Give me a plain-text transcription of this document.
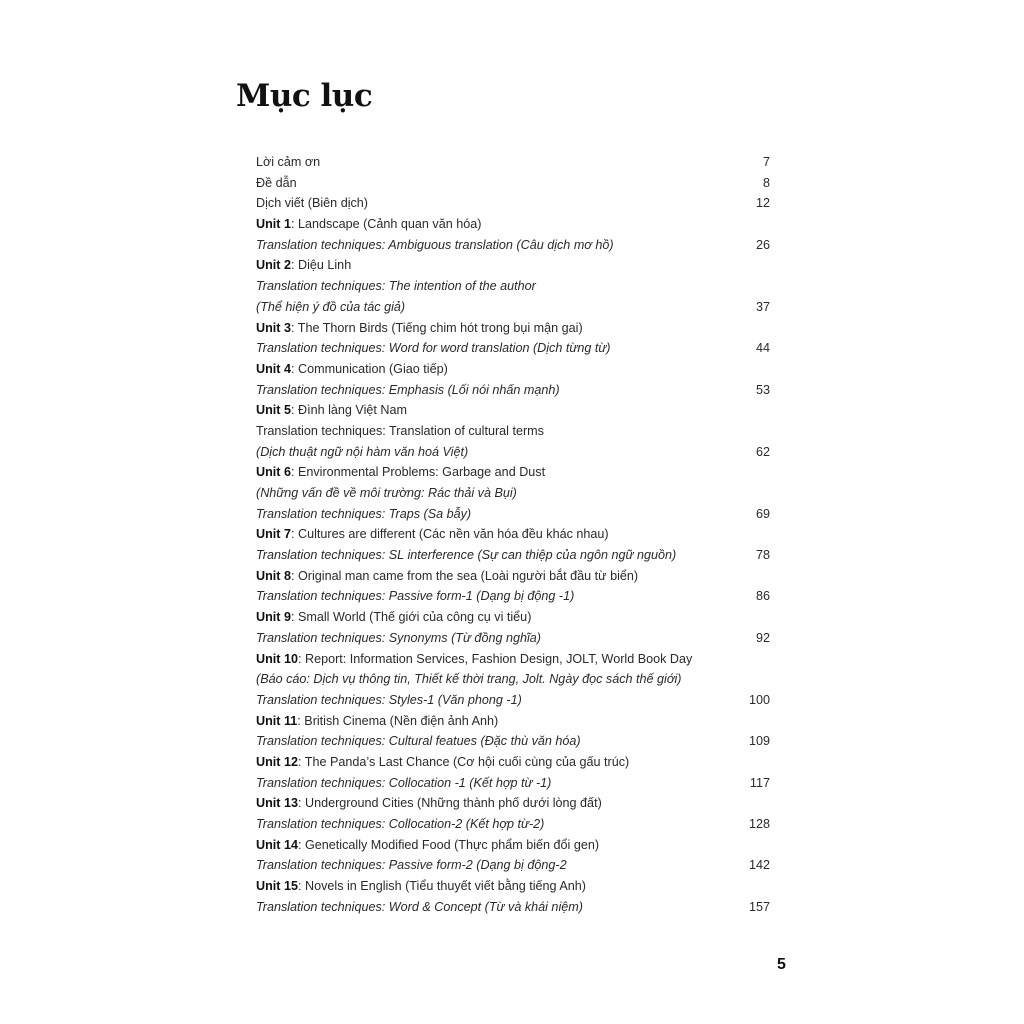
Mục lục
Lời cảm ơn	7
Đề dẫn	8
Dịch viết (Biên dịch)	12
Unit 1: Landscape (Cảnh quan văn hóa)
Translation techniques: Ambiguous translation (Câu dịch mơ hồ)	26
Unit 2: Diệu Linh
Translation techniques: The intention of the author
(Thể hiện ý đồ của tác giả)	37
Unit 3: The Thorn Birds (Tiếng chim hót trong bụi mận gai)
Translation techniques: Word for word translation (Dịch từng từ)	44
Unit 4: Communication (Giao tiếp)
Translation techniques: Emphasis (Lối nói nhấn mạnh)	53
Unit 5: Đình làng Việt Nam
Translation techniques: Translation of cultural terms
(Dịch thuật ngữ nội hàm văn hoá Việt)	62
Unit 6: Environmental Problems: Garbage and Dust
(Những vấn đề về môi trường: Rác thải và Bụi)
Translation techniques: Traps (Sa bẫy)	69
Unit 7: Cultures are different (Các nền văn hóa đều khác nhau)
Translation techniques: SL interference (Sự can thiệp của ngôn ngữ nguồn)	78
Unit 8: Original man came from the sea (Loài người bắt đầu từ biển)
Translation techniques: Passive form-1 (Dạng bị động -1)	86
Unit 9: Small World (Thế giới của công cụ vi tiểu)
Translation techniques: Synonyms (Từ đồng nghĩa)	92
Unit 10: Report: Information Services, Fashion Design, JOLT, World Book Day
(Báo cáo: Dịch vụ thông tin, Thiết kế thời trang, Jolt. Ngày đọc sách thế giới)
Translation techniques: Styles-1 (Văn phong -1)	100
Unit 11: British Cinema (Nền điện ảnh Anh)
Translation techniques: Cultural featues (Đặc thù văn hóa)	109
Unit 12: The Panda’s Last Chance (Cơ hội cuối cùng của gấu trúc)
Translation techniques: Collocation -1 (Kết hợp từ -1)	117
Unit 13: Underground Cities (Những thành phố dưới lòng đất)
Translation techniques: Collocation-2 (Kết hợp từ-2)	128
Unit 14: Genetically Modified Food (Thực phẩm biến đổi gen)
Translation techniques: Passive form-2 (Dạng bị động-2	142
Unit 15: Novels in English (Tiểu thuyết viết bằng tiếng Anh)
Translation techniques: Word & Concept (Từ và khái niệm)	157
5
